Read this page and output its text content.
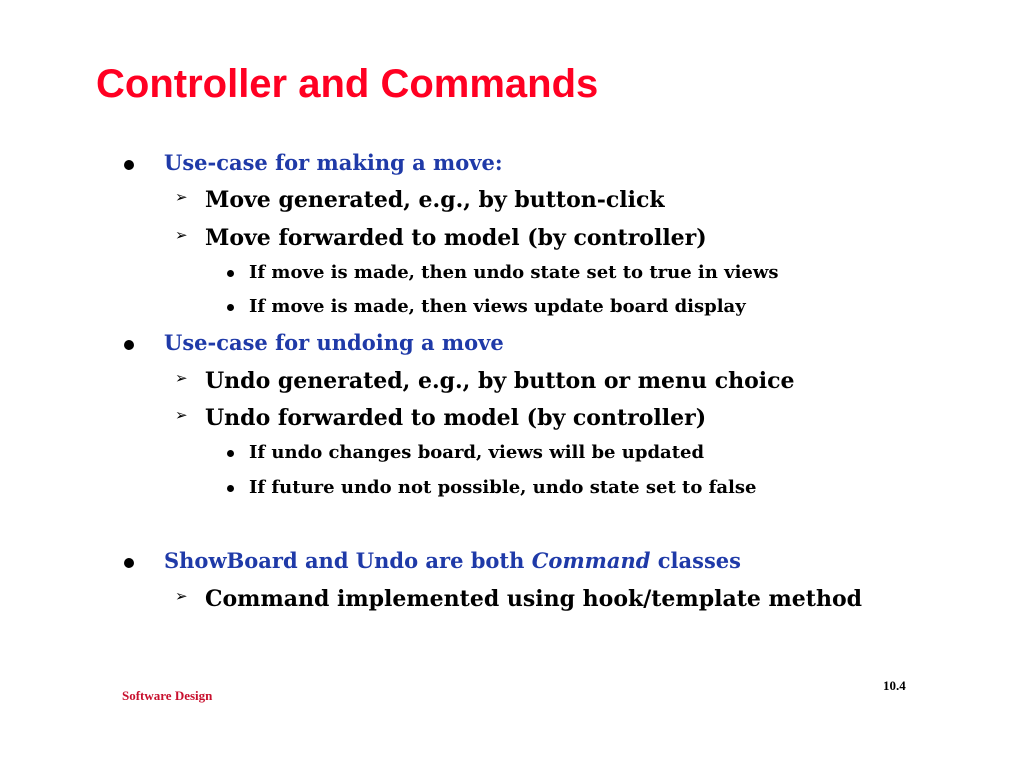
Controller and Commands
Use-case for making a move:
➢ Move generated, e.g., by button-click
➢ Move forwarded to model (by controller)
If move is made, then undo state set to true in views
If move is made, then views update board display
Use-case for undoing a move
➢ Undo generated, e.g., by button or menu choice
➢ Undo forwarded to model (by controller)
If undo changes board, views will be updated
If future undo not possible, undo state set to false
ShowBoard and Undo are both Command classes
➢ Command implemented using hook/template method
Software Design
10.4
